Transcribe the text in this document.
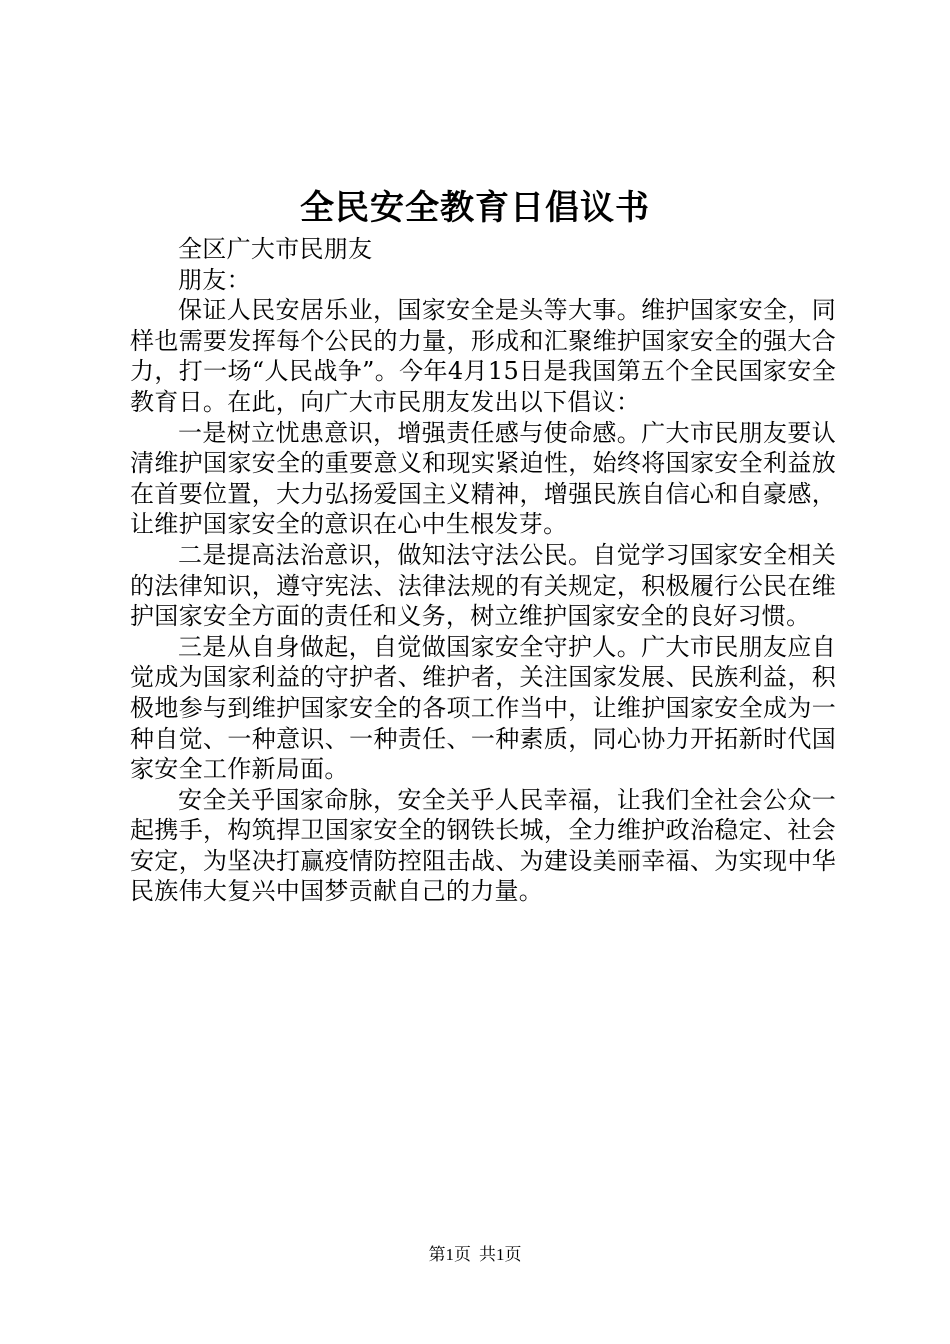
全民安全教育日倡议书

全区广大市民朋友

朋友：

保证人民安居乐业，国家安全是头等大事。维护国家安全，同样也需要发挥每个公民的力量，形成和汇聚维护国家安全的强大合力，打一场“人民战争”。今年4月15日是我国第五个全民国家安全教育日。在此，向广大市民朋友发出以下倡议：

一是树立忧患意识，增强责任感与使命感。广大市民朋友要认清维护国家安全的重要意义和现实紧迫性，始终将国家安全利益放在首要位置，大力弘扬爱国主义精神，增强民族自信心和自豪感，让维护国家安全的意识在心中生根发芽。

二是提高法治意识，做知法守法公民。自觉学习国家安全相关的法律知识，遵守宪法、法律法规的有关规定，积极履行公民在维护国家安全方面的责任和义务，树立维护国家安全的良好习惯。

三是从自身做起，自觉做国家安全守护人。广大市民朋友应自觉成为国家利益的守护者、维护者，关注国家发展、民族利益，积极地参与到维护国家安全的各项工作当中，让维护国家安全成为一种自觉、一种意识、一种责任、一种素质，同心协力开拓新时代国家安全工作新局面。

安全关乎国家命脉，安全关乎人民幸福，让我们全社会公众一起携手，构筑捍卫国家安全的钢铁长城，全力维护政治稳定、社会安定，为坚决打赢疫情防控阻击战、为建设美丽幸福、为实现中华民族伟大复兴中国梦贡献自己的力量。

第1页 共1页
